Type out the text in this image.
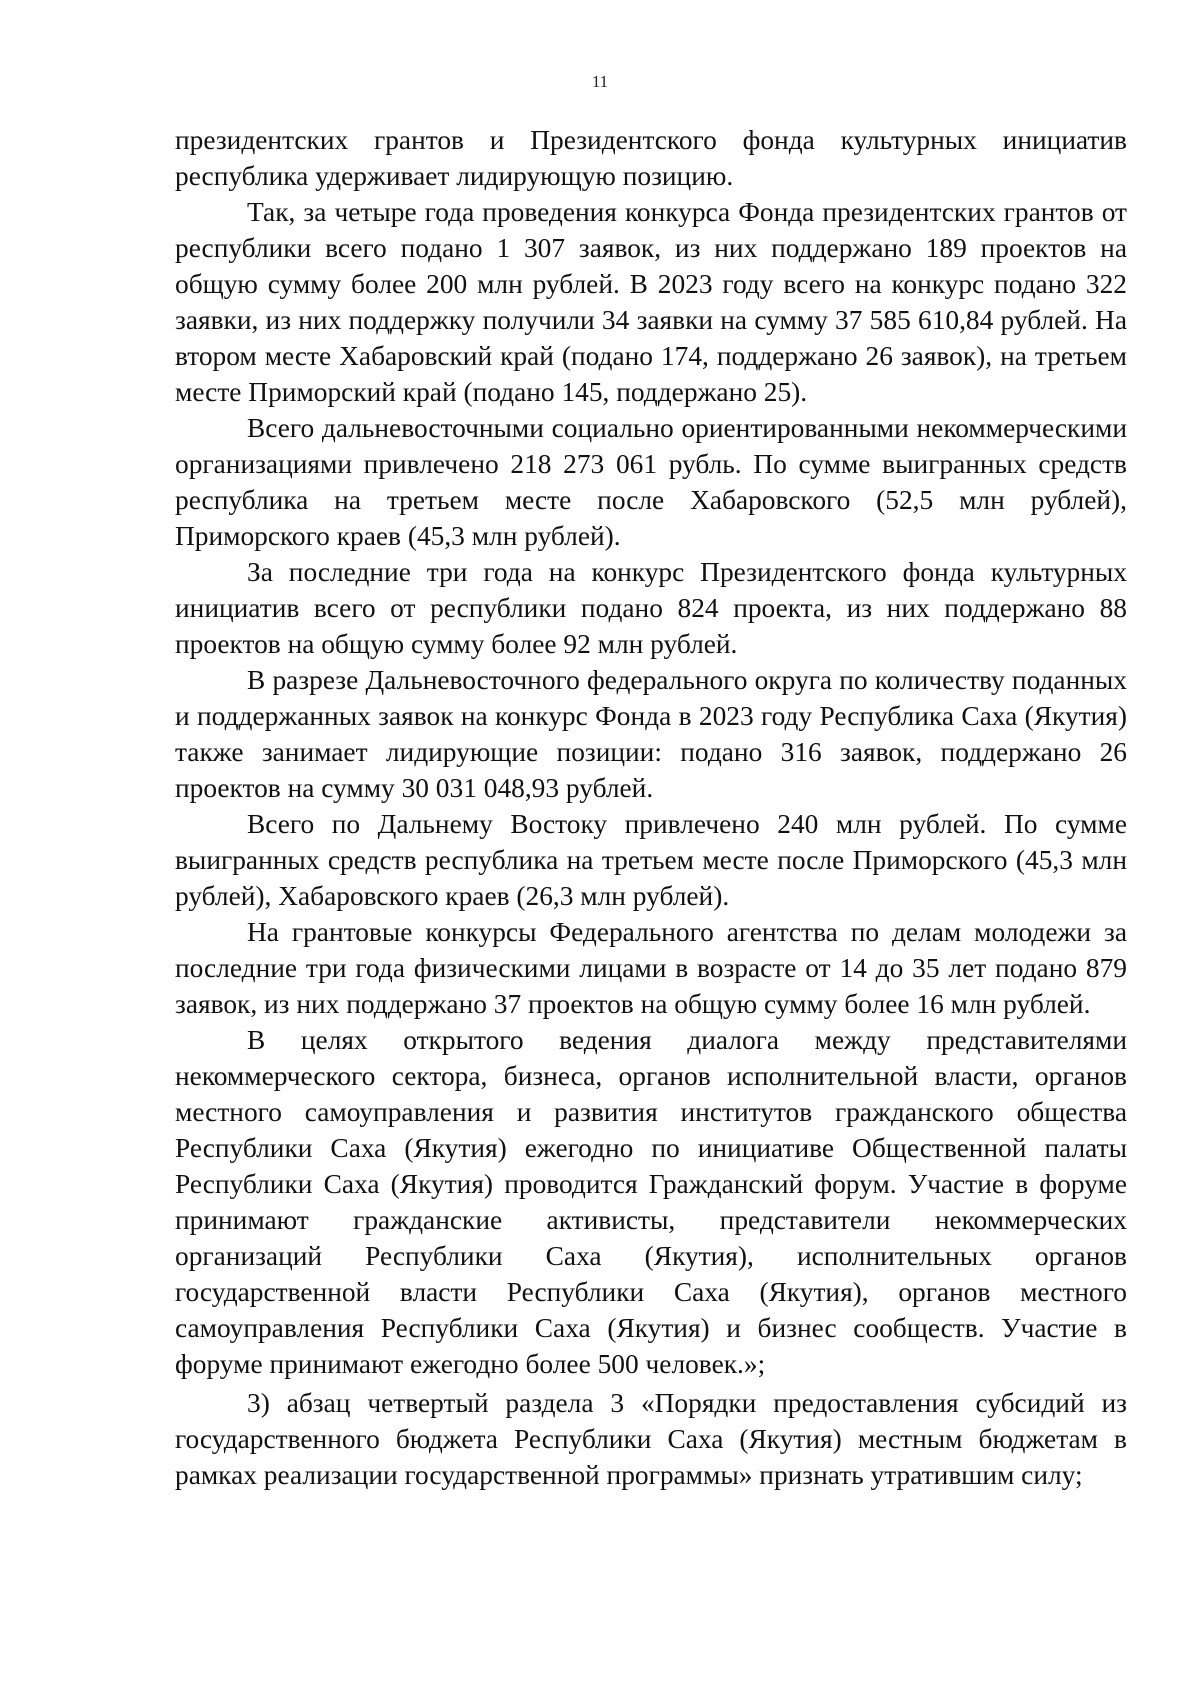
11

президентских грантов и Президентского фонда культурных инициатив республика удерживает лидирующую позицию.

Так, за четыре года проведения конкурса Фонда президентских грантов от республики всего подано 1 307 заявок, из них поддержано 189 проектов на общую сумму более 200 млн рублей. В 2023 году всего на конкурс подано 322 заявки, из них поддержку получили 34 заявки на сумму 37 585 610,84 рублей. На втором месте Хабаровский край (подано 174, поддержано 26 заявок), на третьем месте Приморский край (подано 145, поддержано 25).

Всего дальневосточными социально ориентированными некоммерческими организациями привлечено 218 273 061 рубль. По сумме выигранных средств республика на третьем месте после Хабаровского (52,5 млн рублей), Приморского краев (45,3 млн рублей).

За последние три года на конкурс Президентского фонда культурных инициатив всего от республики подано 824 проекта, из них поддержано 88 проектов на общую сумму более 92 млн рублей.

В разрезе Дальневосточного федерального округа по количеству поданных и поддержанных заявок на конкурс Фонда в 2023 году Республика Саха (Якутия) также занимает лидирующие позиции: подано 316 заявок, поддержано 26 проектов на сумму 30 031 048,93 рублей.

Всего по Дальнему Востоку привлечено 240 млн рублей. По сумме выигранных средств республика на третьем месте после Приморского (45,3 млн рублей), Хабаровского краев (26,3 млн рублей).

На грантовые конкурсы Федерального агентства по делам молодежи за последние три года физическими лицами в возрасте от 14 до 35 лет подано 879 заявок, из них поддержано 37 проектов на общую сумму более 16 млн рублей.

В целях открытого ведения диалога между представителями некоммерческого сектора, бизнеса, органов исполнительной власти, органов местного самоуправления и развития институтов гражданского общества Республики Саха (Якутия) ежегодно по инициативе Общественной палаты Республики Саха (Якутия) проводится Гражданский форум. Участие в форуме принимают гражданские активисты, представители некоммерческих организаций Республики Саха (Якутия), исполнительных органов государственной власти Республики Саха (Якутия), органов местного самоуправления Республики Саха (Якутия) и бизнес сообществ. Участие в форуме принимают ежегодно более 500 человек.»;

3) абзац четвертый раздела 3 «Порядки предоставления субсидий из государственного бюджета Республики Саха (Якутия) местным бюджетам в рамках реализации государственной программы» признать утратившим силу;
